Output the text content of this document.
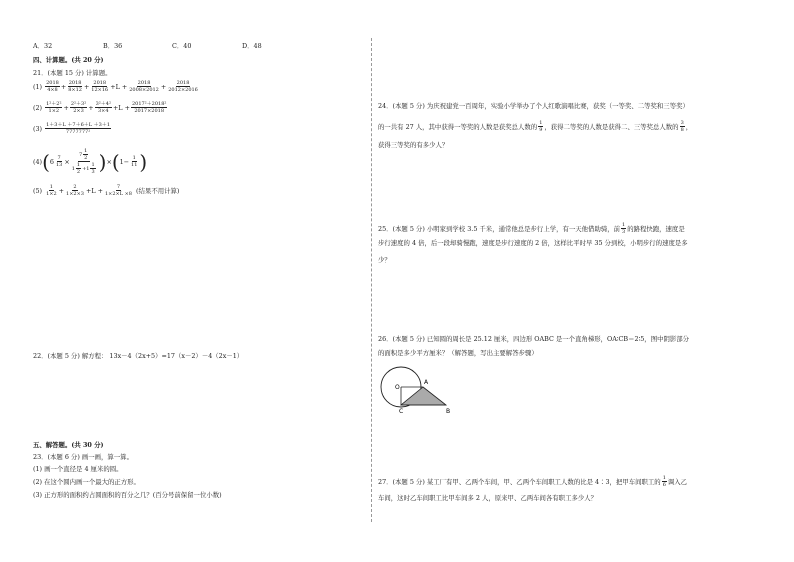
A．32	B．36	C．40	D．48
四、计算题。(共 20 分)
21．(本题 15 分) 计算题。
(1)
$\frac{2018}{4\times 8} + \frac{2018}{8\times 12} + \frac{2018}{12\times 16} +L + \frac{2018}{2008\times 2012} + \frac{2018}{2012\times 2016}$
(2)
$\frac{\text{1²＋2²}}{1\times 2} + \frac{\text{2²＋3²}}{2\times 3} + \frac{\text{3²＋4²}}{3\times 4} +L + \frac{\text{2017²＋2018²}}{2017\times 2018}$
(3)
$\frac{1+3+L +7+6+L +3+1}{\text{7777777²}}$
(4) ( $6 \frac{7}{13} \times \frac{7 \frac{1}{2}}{1 \frac{1}{2} +1 \frac{1}{3}}$ ) × ( $1- \frac{1}{11}$ )
(5)
$\frac{1}{1\times 2} + \frac{2}{1\times 2\times 3} +L + \frac{7}{1\times 2\times L \times 8}$
(结果不用计算)
22．(本题 5 分) 解方程： 13x－4（2x+5）=17（x－2）－4（2x－1）
五、解答题。(共 30 分)
23．(本题 6 分) 画一画，算一算。
(1) 画一个直径是 4 厘米的圆。
(2) 在这个圆内画一个最大的正方形。
(3) 正方形的面积约占圆面积的百分之几？(百分号前保留一位小数)
24．(本题 5 分) 为庆祝建党一百周年，实验小学举办了个人红歌演唱比赛，获奖（一等奖、二等奖和三等奖）
的一共有 27 人，其中获得一等奖的人数是获奖总人数的 $\frac{1}{9}$ ，获得二等奖的人数是获得二、三等奖总人数的 $\frac{3}{8}$ ，
获得三等奖的有多少人？
25．(本题 5 分) 小明家到学校 3.5 千米，通常他总是步行上学，有一天他借助骑，前 $\frac{1}{3}$ 的路程快跑，速度是
步行速度的 4 倍，后一段却骑慢跑，速度是步行速度的 2 倍，这样比平时早 35 分到校，小明步行的速度是多
少？
26．(本题 5 分) 已知圆的周长是 25.12 厘米，四边形 OABC 是一个直角梯形，OA∶CB＝2∶5，图中阴影部分
的面积是多少平方厘米？（解答题，写出主要解答步骤）
O
A
C	B
27．(本题 5 分) 某工厂有甲、乙两个车间，甲、乙两个车间职工人数的比是 4∶3，把甲车间职工的 $\frac{1}{6}$ 调入乙
车间，这时乙车间职工比甲车间多 2 人，原来甲、乙两车间各有职工多少人？
